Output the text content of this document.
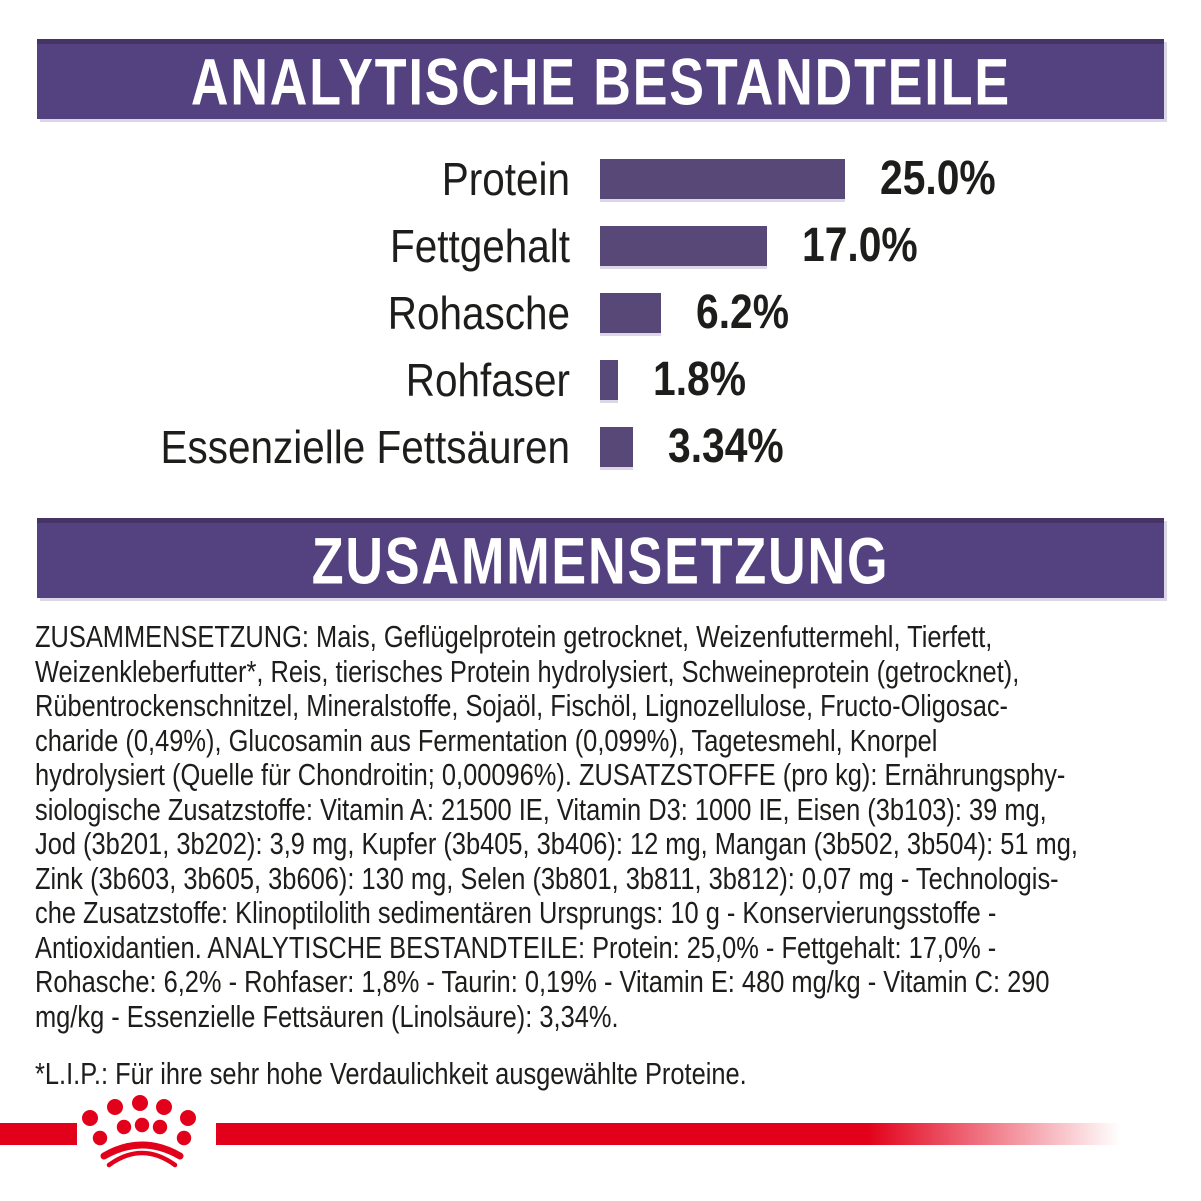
ANALYTISCHE BESTANDTEILE
Protein	25.0%
Fettgehalt	17.0%
Rohasche	6.2%
Rohfaser 1.8%
Essenzielle Fettsäuren 3.34%
ZUSAMMENSETZUNG
ZUSAMMENSETZUNG: Mais, Geflügelprotein getrocknet, Weizenfuttermehl, Tierfett,
Weizenkleberfutter*, Reis, tierisches Protein hydrolysiert, Schweineprotein (getrocknet),
Rübentrockenschnitzel, Mineralstoffe, Sojaöl, Fischöl, Lignozellulose, Fructo-Oligosac-
charide (0,49%), Glucosamin aus Fermentation (0,099%), Tagetesmehl, Knorpel
hydrolysiert (Quelle für Chondroitin; 0,00096%). ZUSATZSTOFFE (pro kg): Ernährungsphy-
siologische Zusatzstoffe: Vitamin A: 21500 IE, Vitamin D3: 1000 IE, Eisen (3b103): 39 mg,
Jod (3b201, 3b202): 3,9 mg, Kupfer (3b405, 3b406): 12 mg, Mangan (3b502, 3b504): 51 mg,
Zink (3b603, 3b605, 3b606): 130 mg, Selen (3b801, 3b811, 3b812): 0,07 mg - Technologis-
che Zusatzstoffe: Klinoptilolith sedimentären Ursprungs: 10 g - Konservierungsstoffe -
Antioxidantien. ANALYTISCHE BESTANDTEILE: Protein: 25,0% - Fettgehalt: 17,0% -
Rohasche: 6,2% - Rohfaser: 1,8% - Taurin: 0,19% - Vitamin E: 480 mg/kg - Vitamin C: 290
mg/kg - Essenzielle Fettsäuren (Linolsäure): 3,34%.
*L.I.P.: Für ihre sehr hohe Verdaulichkeit ausgewählte Proteine.
